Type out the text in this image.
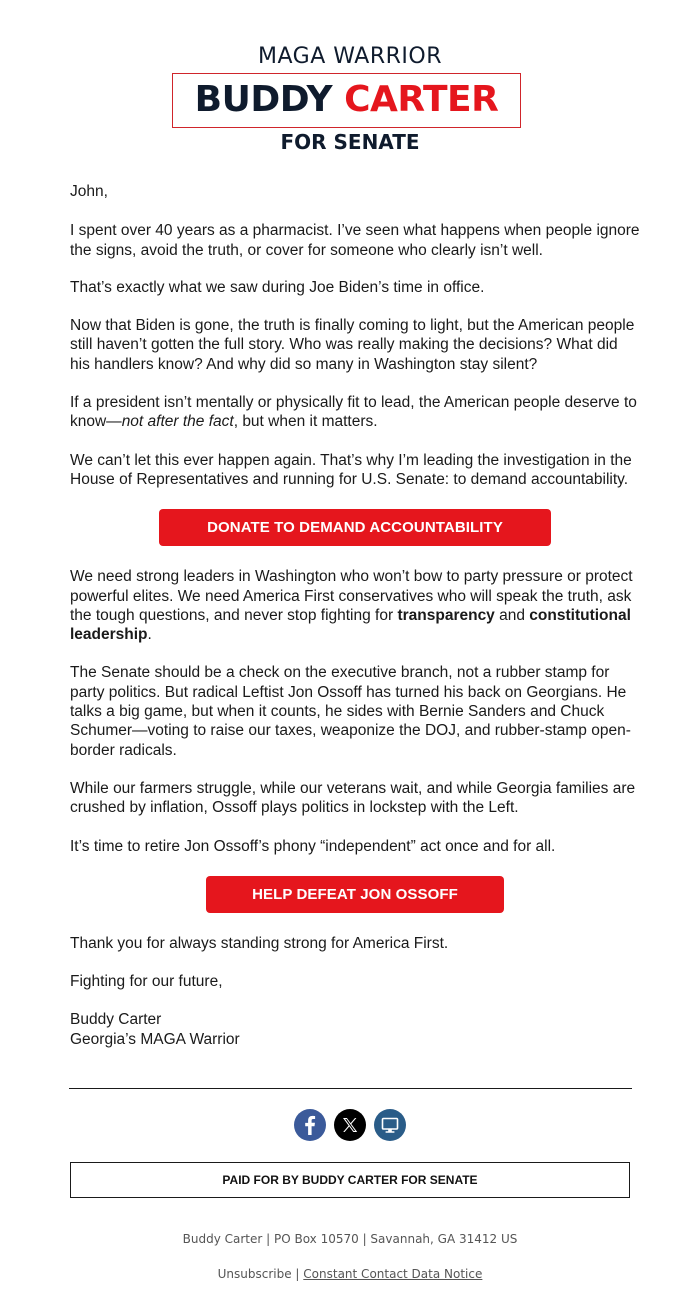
MAGA WARRIOR
BUDDY CARTER
FOR SENATE

John,

I spent over 40 years as a pharmacist. I’ve seen what happens when people ignore the signs, avoid the truth, or cover for someone who clearly isn’t well.

That’s exactly what we saw during Joe Biden’s time in office.

Now that Biden is gone, the truth is finally coming to light, but the American people still haven’t gotten the full story. Who was really making the decisions? What did his handlers know? And why did so many in Washington stay silent?

If a president isn’t mentally or physically fit to lead, the American people deserve to know—not after the fact, but when it matters.

We can’t let this ever happen again. That’s why I’m leading the investigation in the House of Representatives and running for U.S. Senate: to demand accountability.

DONATE TO DEMAND ACCOUNTABILITY

We need strong leaders in Washington who won’t bow to party pressure or protect powerful elites. We need America First conservatives who will speak the truth, ask the tough questions, and never stop fighting for transparency and constitutional leadership.

The Senate should be a check on the executive branch, not a rubber stamp for party politics. But radical Leftist Jon Ossoff has turned his back on Georgians. He talks a big game, but when it counts, he sides with Bernie Sanders and Chuck Schumer—voting to raise our taxes, weaponize the DOJ, and rubber-stamp open-border radicals.

While our farmers struggle, while our veterans wait, and while Georgia families are crushed by inflation, Ossoff plays politics in lockstep with the Left.

It’s time to retire Jon Ossoff’s phony “independent” act once and for all.

HELP DEFEAT JON OSSOFF

Thank you for always standing strong for America First.

Fighting for our future,

Buddy Carter

Georgia’s MAGA Warrior

PAID FOR BY BUDDY CARTER FOR SENATE
Buddy Carter | PO Box 10570 | Savannah, GA 31412 US
Unsubscribe | Constant Contact Data Notice
